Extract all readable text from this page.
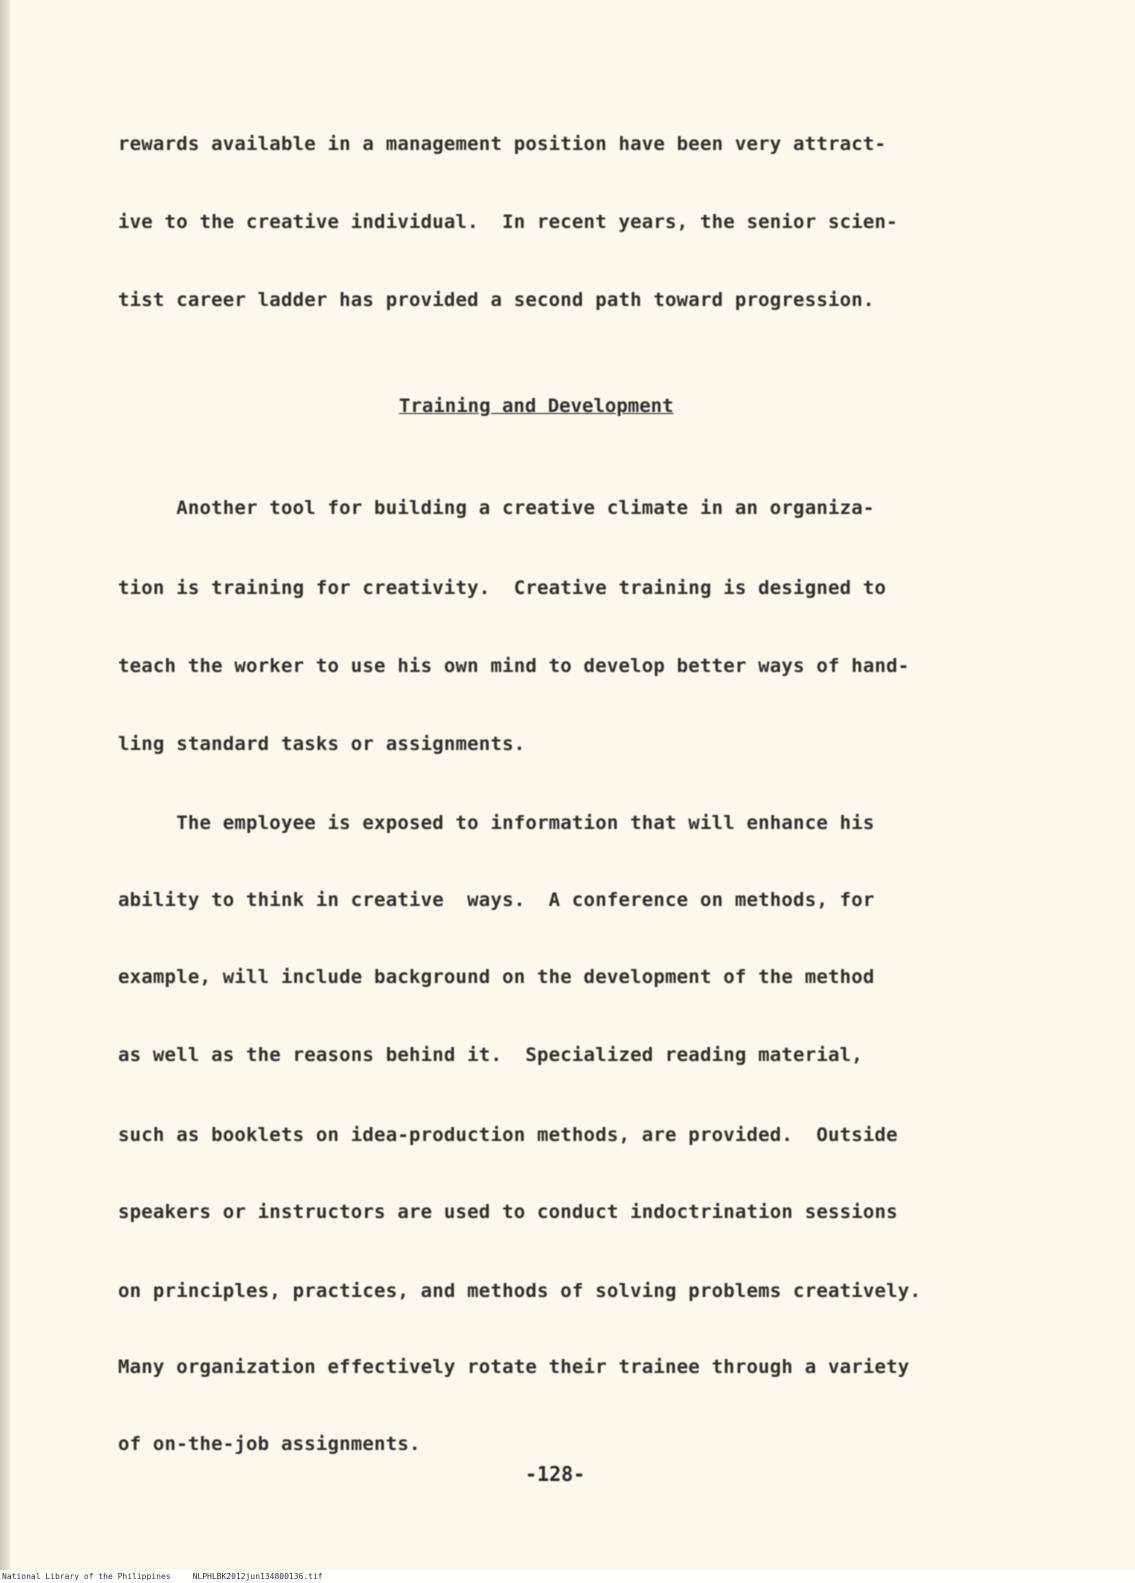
rewards available in a management position have been very attract-
ive to the creative individual.  In recent years, the senior scien-
tist career ladder has provided a second path toward progression.
Training and Development
Another tool for building a creative climate in an organiza-
tion is training for creativity.  Creative training is designed to
teach the worker to use his own mind to develop better ways of hand-
ling standard tasks or assignments.
The employee is exposed to information that will enhance his
ability to think in creative  ways.  A conference on methods, for
example, will include background on the development of the method
as well as the reasons behind it.  Specialized reading material,
such as booklets on idea-production methods, are provided.  Outside
speakers or instructors are used to conduct indoctrination sessions
on principles, practices, and methods of solving problems creatively.
Many organization effectively rotate their trainee through a variety
of on-the-job assignments.
-128-
National Library of the Philippines	NLPHLBK2012jun134800136.tif
